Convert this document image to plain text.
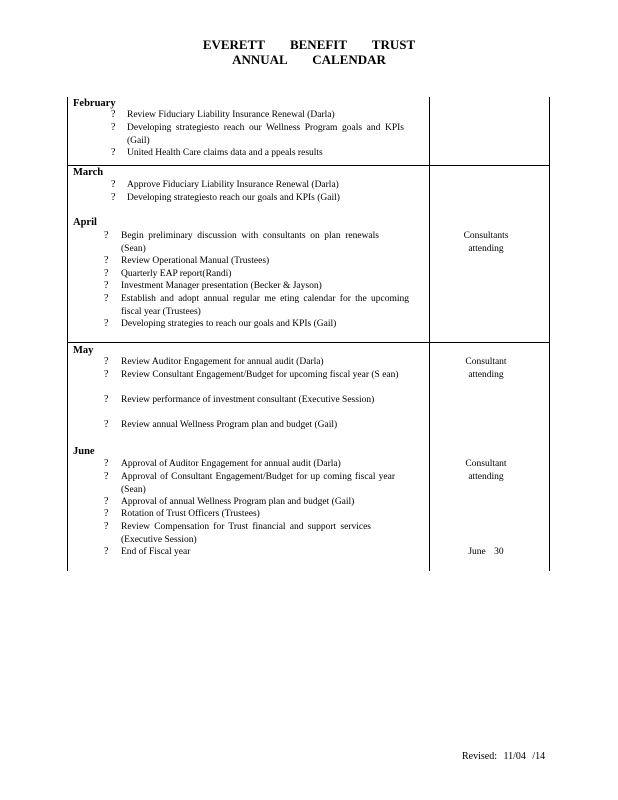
EVERETT BENEFIT TRUST
ANNUAL CALENDAR
February
? Review Fiduciary Liability Insurance Renewal (Darla)
? Developing strategiesto reach our Wellness Program goals and KPIs (Gail)
? United Health Care claims data and a ppeals results
March
? Approve Fiduciary Liability Insurance Renewal (Darla)
? Developing strategiesto reach our goals and KPIs (Gail)
April
? Begin preliminary discussion with consultants on plan renewals (Sean)
? Review Operational Manual (Trustees)
? Quarterly EAP report(Randi)
? Investment Manager presentation (Becker & Jayson)
? Establish and adopt annual regular me eting calendar for the upcoming fiscal year (Trustees)
? Developing strategies to reach our goals and KPIs (Gail)
Consultants attending
May
? Review Auditor Engagement for annual audit (Darla)
? Review Consultant Engagement/Budget for upcoming fiscal year (S ean)
? Review performance of investment consultant (Executive Session)
? Review annual Wellness Program plan and budget (Gail)
Consultant attending
June
? Approval of Auditor Engagement for annual audit (Darla)
? Approval of Consultant Engagement/Budget for up coming fiscal year (Sean)
? Approval of annual Wellness Program plan and budget (Gail)
? Rotation of Trust Officers (Trustees)
? Review Compensation for Trust financial and support services (Executive Session)
? End of Fiscal year
Consultant attending
June 30
Revised: 11/04 /14
